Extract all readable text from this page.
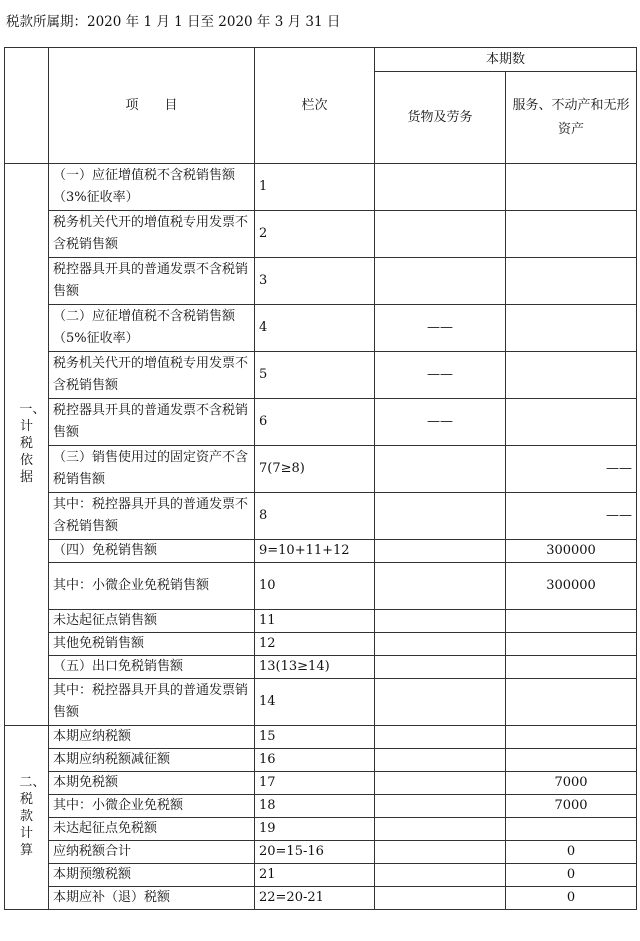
税款所属期：2020 年 1 月 1 日至 2020 年 3 月 31 日
	项　　目	栏次	本期数	
			货物及劳务	服务、不动产和无形资产
一、计税依据	（一）应征增值税不含税销售额（3%征收率）	1		
	税务机关代开的增值税专用发票不含税销售额	2		
	税控器具开具的普通发票不含税销售额	3		
	（二）应征增值税不含税销售额（5%征收率）	4	——	
	税务机关代开的增值税专用发票不含税销售额	5	——	
	税控器具开具的普通发票不含税销售额	6	——	
	（三）销售使用过的固定资产不含税销售额	7(7≥8)		——
	其中：税控器具开具的普通发票不含税销售额	8		——
	（四）免税销售额	9=10+11+12		300000
	其中：小微企业免税销售额	10		300000
	未达起征点销售额	11		
	其他免税销售额	12		
	（五）出口免税销售额	13(13≥14)		
	其中：税控器具开具的普通发票销售额	14		
二、税款计算	本期应纳税额	15		
	本期应纳税额减征额	16		
	本期免税额	17		7000
	其中：小微企业免税额	18		7000
	未达起征点免税额	19		
	应纳税额合计	20=15-16		0
	本期预缴税额	21		0
	本期应补（退）税额	22=20-21		0
